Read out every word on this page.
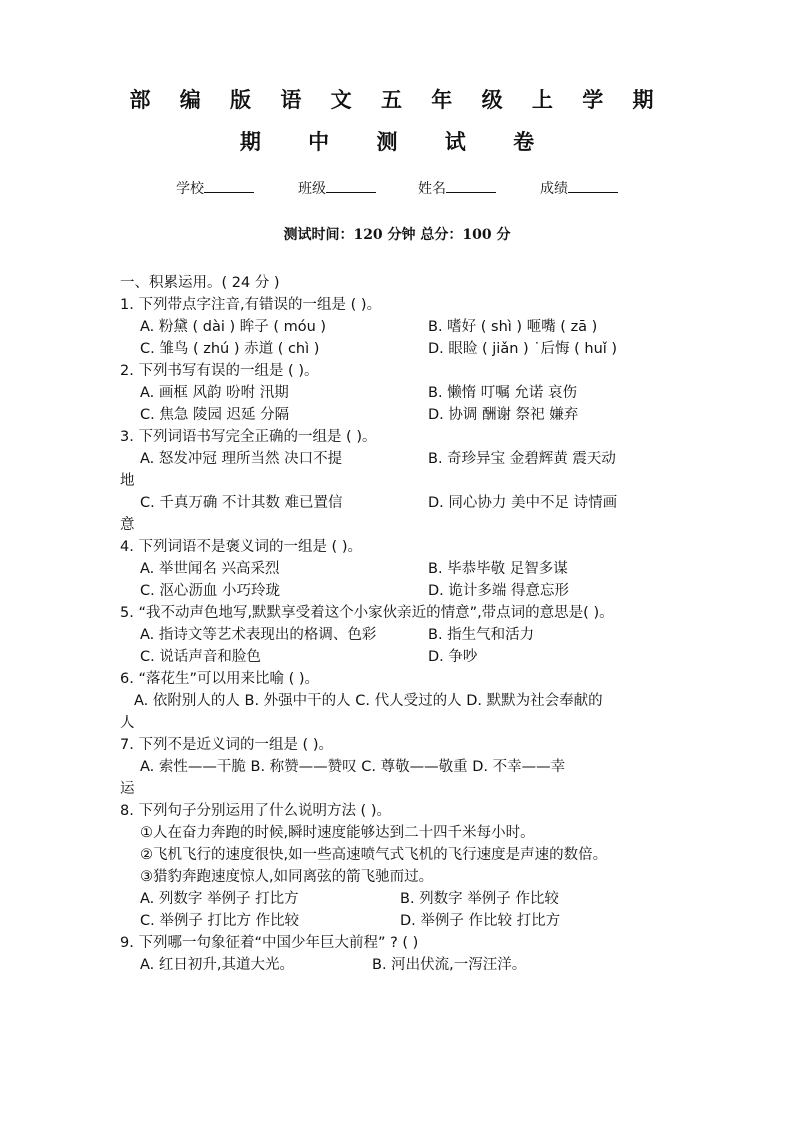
部 编 版 语 文 五 年 级 上 学 期
期 中 测 试 卷
学校	班级	姓名	成绩
测试时间：120 分钟 总分：100 分
一、积累运用。( 24 分 )
1. 下列带点字注音,有错误的一组是 ( )。
A. 粉黛 ( dài ) 眸子 ( móu )	B. 嗜好 ( shì ) 咂嘴 ( zā )
C. 雏鸟 ( zhú ) 赤道 ( chì )	D. 眼睑 ( jiǎn ) ˙后悔 ( huǐ )
2. 下列书写有误的一组是 ( )。
A. 画框 风韵 吩咐 汛期	B. 懒惰 叮嘱 允诺 哀伤
C. 焦急 陵园 迟延 分隔	D. 协调 酬谢 祭祀 嫌弃
3. 下列词语书写完全正确的一组是 ( )。
A. 怒发冲冠 理所当然 决口不提	B. 奇珍异宝 金碧辉黄 震天动
地
C. 千真万确 不计其数 难已置信	D. 同心协力 美中不足 诗情画
意
4. 下列词语不是褒义词的一组是 ( )。
A. 举世闻名 兴高采烈	B. 毕恭毕敬 足智多谋
C. 沤心沥血 小巧玲珑	D. 诡计多端 得意忘形
5. “我不动声色地写,默默享受着这个小家伙亲近的情意”,带点词的意思是( )。
A. 指诗文等艺术表现出的格调、色彩	B. 指生气和活力
C. 说话声音和脸色	D. 争吵
6. “落花生”可以用来比喻 ( )。
A. 依附别人的人 B. 外强中干的人 C. 代人受过的人 D. 默默为社会奉献的
人
7. 下列不是近义词的一组是 ( )。
A. 索性——干脆 B. 称赞——赞叹 C. 尊敬——敬重 D. 不幸——幸
运
8. 下列句子分别运用了什么说明方法 ( )。
①人在奋力奔跑的时候,瞬时速度能够达到二十四千米每小时。
②飞机飞行的速度很快,如一些高速喷气式飞机的飞行速度是声速的数倍。
③猎豹奔跑速度惊人,如同离弦的箭飞驰而过。
A. 列数字 举例子 打比方	B. 列数字 举例子 作比较
C. 举例子 打比方 作比较	D. 举例子 作比较 打比方
9. 下列哪一句象征着“中国少年巨大前程” ? ( )
A. 红日初升,其道大光。	B. 河出伏流,一泻汪洋。
